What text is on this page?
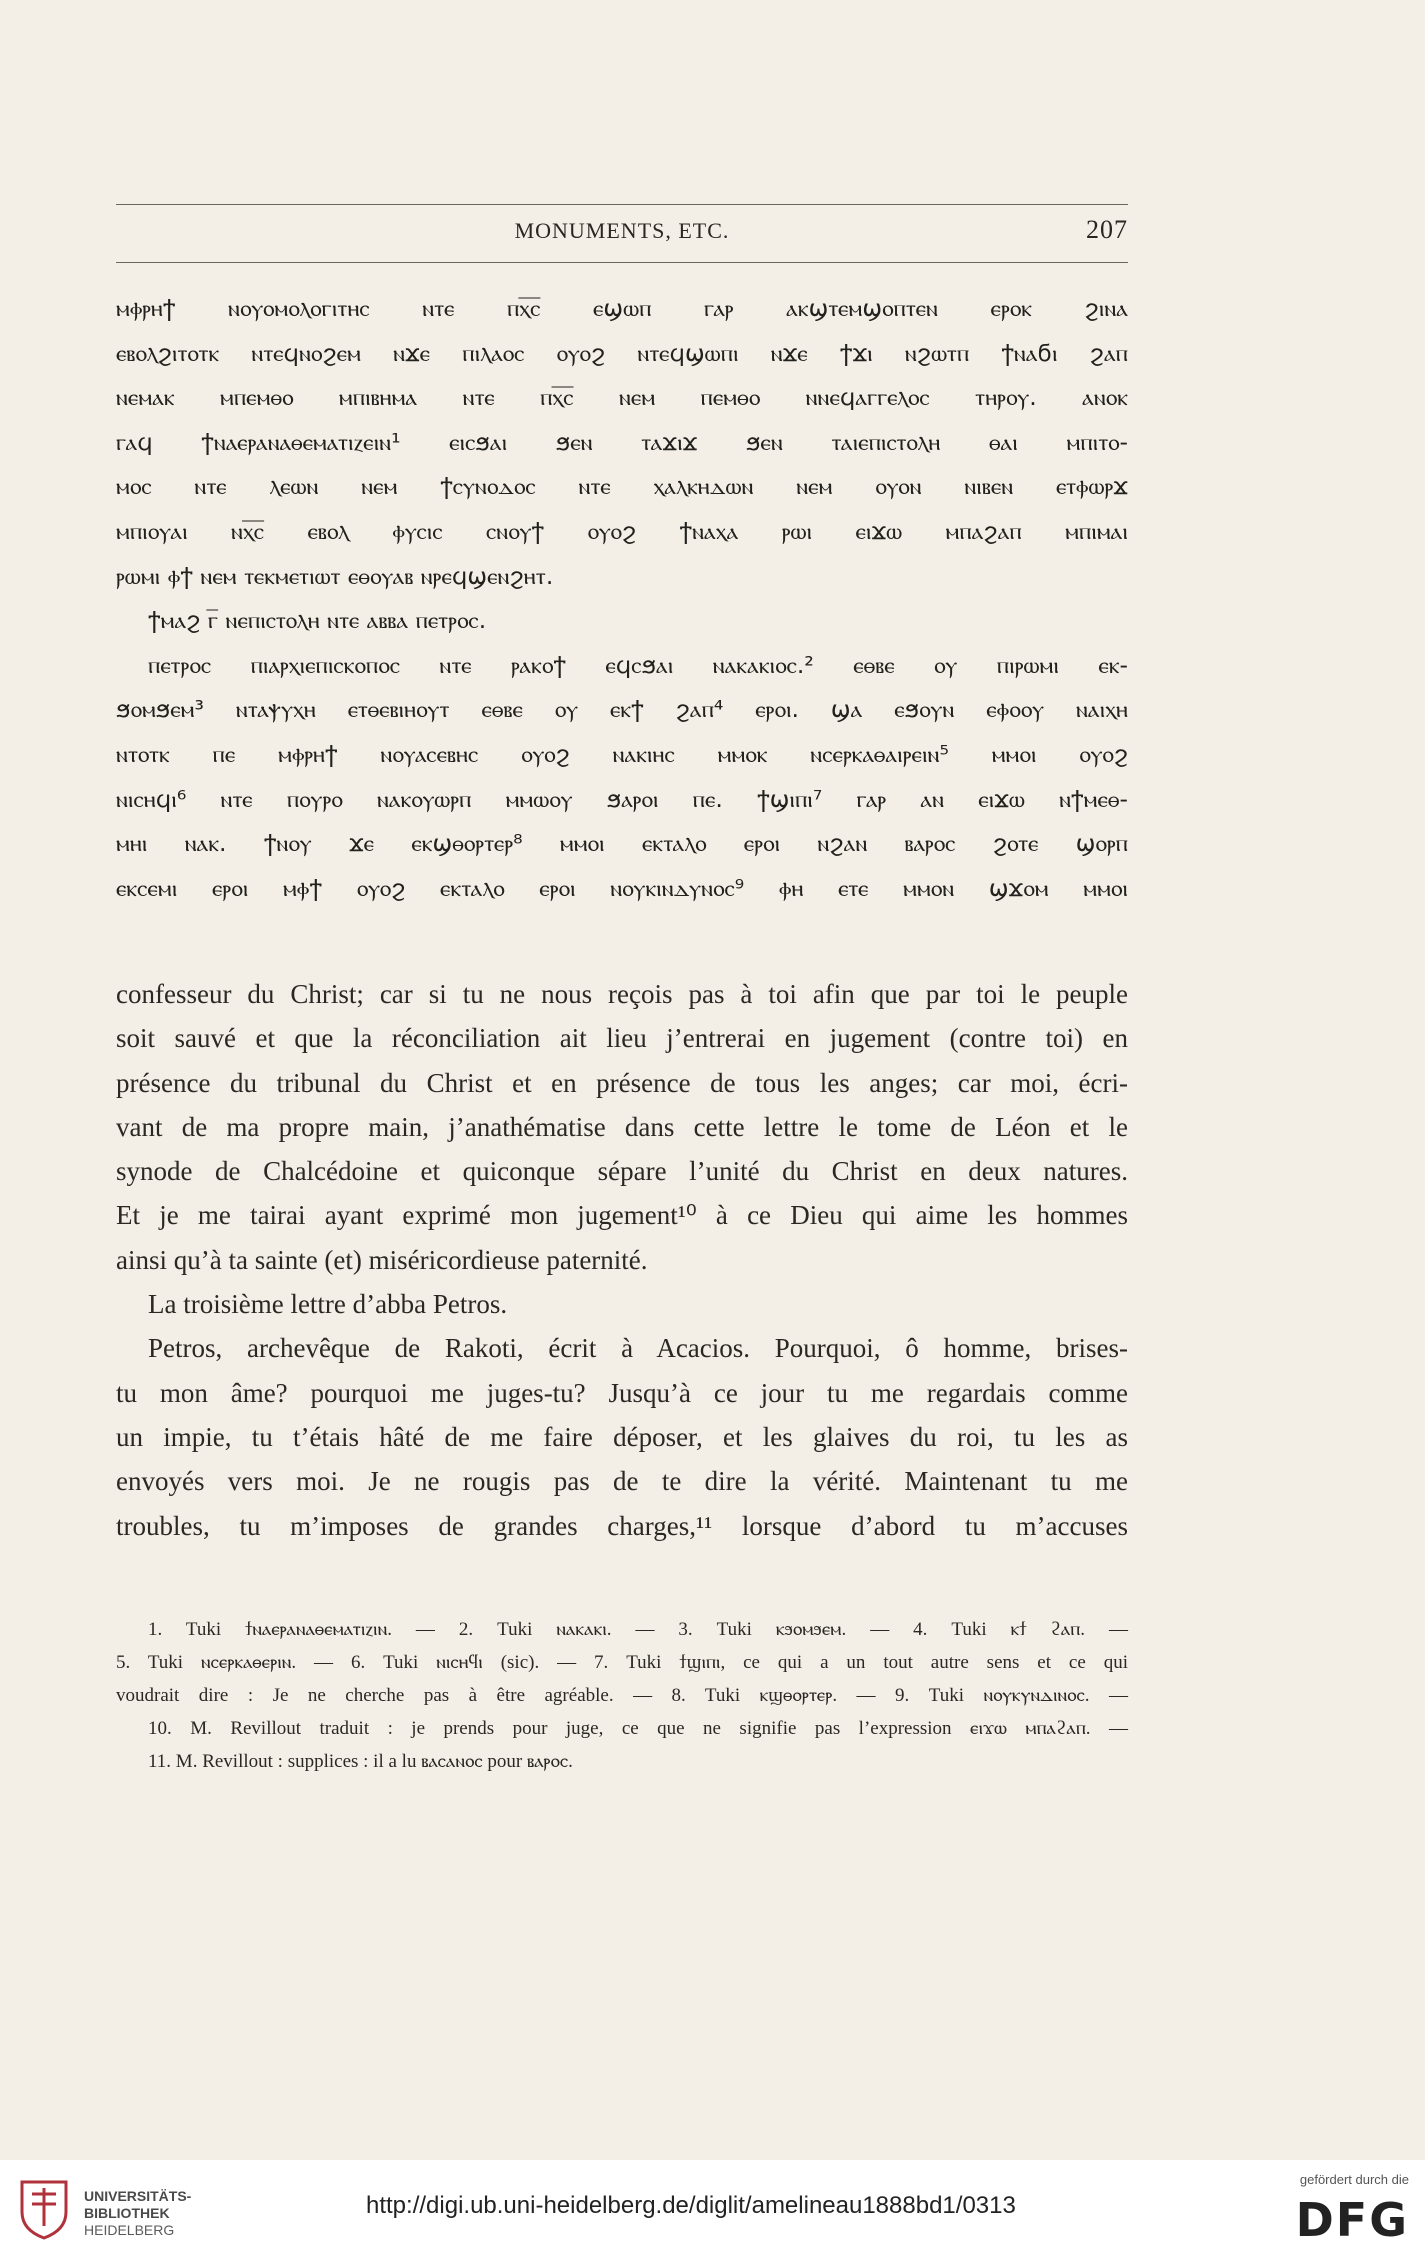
MONUMENTS, ETC.	207

ⲙⲫⲣⲏϯ ⲛⲟⲩⲟⲙⲟⲗⲟⲅⲓⲧⲏⲥ ⲛⲧⲉ ⲡⲭ̅ⲥ̅ ⲉϣⲱⲡ ⲅⲁⲣ ⲁⲕϣⲧⲉⲙϣⲟⲡⲧⲉⲛ ⲉⲣⲟⲕ ϩⲓⲛⲁ

ⲉⲃⲟⲗϩⲓⲧⲟⲧⲕ ⲛⲧⲉϥⲛⲟϩⲉⲙ ⲛϫⲉ ⲡⲓⲗⲁⲟⲥ ⲟⲩⲟϩ ⲛⲧⲉϥϣⲱⲡⲓ ⲛϫⲉ ϯϫⲓ ⲛϩⲱⲧⲡ ϯⲛⲁϭⲓ ϩⲁⲡ

ⲛⲉⲙⲁⲕ ⲙⲡⲉⲙⲑⲟ ⲙⲡⲓⲃⲏⲙⲁ ⲛⲧⲉ ⲡⲭ̅ⲥ̅ ⲛⲉⲙ ⲡⲉⲙⲑⲟ ⲛⲛⲉϥⲁⲅⲅⲉⲗⲟⲥ ⲧⲏⲣⲟⲩ. ⲁⲛⲟⲕ

ⲅⲁϥ ϯⲛⲁⲉⲣⲁⲛⲁⲑⲉⲙⲁⲧⲓⲍⲉⲓⲛ¹ ⲉⲓⲥϧⲁⲓ ϧⲉⲛ ⲧⲁϫⲓϫ ϧⲉⲛ ⲧⲁⲓⲉⲡⲓⲥⲧⲟⲗⲏ ⲑⲁⲓ ⲙⲡⲓⲧⲟ-

ⲙⲟⲥ ⲛⲧⲉ ⲗⲉⲱⲛ ⲛⲉⲙ ϯⲥⲩⲛⲟⲇⲟⲥ ⲛⲧⲉ ⲭⲁⲗⲕⲏⲇⲱⲛ ⲛⲉⲙ ⲟⲩⲟⲛ ⲛⲓⲃⲉⲛ ⲉⲧⲫⲱⲣϫ

ⲙⲡⲓⲟⲩⲁⲓ ⲛⲭ̅ⲥ̅ ⲉⲃⲟⲗ ⲫⲩⲥⲓⲥ ⲥⲛⲟⲩϯ ⲟⲩⲟϩ ϯⲛⲁⲭⲁ ⲣⲱⲓ ⲉⲓϫⲱ ⲙⲡⲁϩⲁⲡ ⲙⲡⲓⲙⲁⲓ

ⲣⲱⲙⲓ ⲫϯ ⲛⲉⲙ ⲧⲉⲕⲙⲉⲧⲓⲱⲧ ⲉⲑⲟⲩⲁⲃ ⲛⲣⲉϥϣⲉⲛϩⲏⲧ.

ϯⲙⲁϩ ⲅ̅ ⲛⲉⲡⲓⲥⲧⲟⲗⲏ ⲛⲧⲉ ⲁⲃⲃⲁ ⲡⲉⲧⲣⲟⲥ.

ⲡⲉⲧⲣⲟⲥ ⲡⲓⲁⲣⲭⲓⲉⲡⲓⲥⲕⲟⲡⲟⲥ ⲛⲧⲉ ⲣⲁⲕⲟϯ ⲉϥⲥϧⲁⲓ ⲛⲁⲕⲁⲕⲓⲟⲥ.² ⲉⲑⲃⲉ ⲟⲩ ⲡⲓⲣⲱⲙⲓ ⲉⲕ-

ϧⲟⲙϧⲉⲙ³ ⲛⲧⲁⲯⲩⲭⲏ ⲉⲧⲑⲉⲃⲓⲏⲟⲩⲧ ⲉⲑⲃⲉ ⲟⲩ ⲉⲕϯ ϩⲁⲡ⁴ ⲉⲣⲟⲓ. ϣⲁ ⲉϧⲟⲩⲛ ⲉⲫⲟⲟⲩ ⲛⲁⲓⲭⲏ

ⲛⲧⲟⲧⲕ ⲡⲉ ⲙⲫⲣⲏϯ ⲛⲟⲩⲁⲥⲉⲃⲏⲥ ⲟⲩⲟϩ ⲛⲁⲕⲓⲏⲥ ⲙⲙⲟⲕ ⲛⲥⲉⲣⲕⲁⲑⲁⲓⲣⲉⲓⲛ⁵ ⲙⲙⲟⲓ ⲟⲩⲟϩ

ⲛⲓⲥⲏϥⲓ⁶ ⲛⲧⲉ ⲡⲟⲩⲣⲟ ⲛⲁⲕⲟⲩⲱⲣⲡ ⲙⲙⲱⲟⲩ ϧⲁⲣⲟⲓ ⲡⲉ. ϯϣⲓⲡⲓ⁷ ⲅⲁⲣ ⲁⲛ ⲉⲓϫⲱ ⲛϯⲙⲉⲑ-

ⲙⲏⲓ ⲛⲁⲕ. ϯⲛⲟⲩ ϫⲉ ⲉⲕϣⲑⲟⲣⲧⲉⲣ⁸ ⲙⲙⲟⲓ ⲉⲕⲧⲁⲗⲟ ⲉⲣⲟⲓ ⲛϩⲁⲛ ⲃⲁⲣⲟⲥ ϩⲟⲧⲉ ϣⲟⲣⲡ

ⲉⲕⲥⲉⲙⲓ ⲉⲣⲟⲓ ⲙⲫϯ ⲟⲩⲟϩ ⲉⲕⲧⲁⲗⲟ ⲉⲣⲟⲓ ⲛⲟⲩⲕⲓⲛⲇⲩⲛⲟⲥ⁹ ⲫⲏ ⲉⲧⲉ ⲙⲙⲟⲛ ϣϫⲟⲙ ⲙⲙⲟⲓ

confesseur du Christ; car si tu ne nous reçois pas à toi afin que par toi le peuple

soit sauvé et que la réconciliation ait lieu j’entrerai en jugement (contre toi) en

présence du tribunal du Christ et en présence de tous les anges; car moi, écri-

vant de ma propre main, j’anathématise dans cette lettre le tome de Léon et le

synode de Chalcédoine et quiconque sépare l’unité du Christ en deux natures.

Et je me tairai ayant exprimé mon jugement¹⁰ à ce Dieu qui aime les hommes

ainsi qu’à ta sainte (et) miséricordieuse paternité.

La troisième lettre d’abba Petros.

Petros, archevêque de Rakoti, écrit à Acacios. Pourquoi, ô homme, brises-

tu mon âme? pourquoi me juges-tu? Jusqu’à ce jour tu me regardais comme

un impie, tu t’étais hâté de me faire déposer, et les glaives du roi, tu les as

envoyés vers moi. Je ne rougis pas de te dire la vérité. Maintenant tu me

troubles, tu m’imposes de grandes charges,¹¹ lorsque d’abord tu m’accuses

1. Tuki ϯⲛⲁⲉⲣⲁⲛⲁⲑⲉⲙⲁⲧⲓⲍⲓⲛ. — 2. Tuki ⲛⲁⲕⲁⲕⲓ. — 3. Tuki ⲕϧⲟⲙϧⲉⲙ. — 4. Tuki ⲕϯ ϩⲁⲡ. —

5. Tuki ⲛⲥⲉⲣⲕⲁⲑⲉⲣⲓⲛ. — 6. Tuki ⲛⲓⲥⲏϥⲓ (sic). — 7. Tuki ϯϣⲓⲡⲓ, ce qui a un tout autre sens et ce qui

voudrait dire : Je ne cherche pas à être agréable. — 8. Tuki ⲕϣⲑⲟⲣⲧⲉⲣ. — 9. Tuki ⲛⲟⲩⲕⲩⲛⲇⲓⲛⲟⲥ. —

10. M. Revillout traduit : je prends pour juge, ce que ne signifie pas l’expression ⲉⲓϫⲱ ⲙⲡⲁϩⲁⲡ. —

11. M. Revillout : supplices : il a lu ⲃⲁⲥⲁⲛⲟⲥ pour ⲃⲁⲣⲟⲥ.

UNIVERSITÄTS-
BIBLIOTHEK
HEIDELBERG
http://digi.ub.uni-heidelberg.de/diglit/amelineau1888bd1/0313
gefördert durch die
DFG
